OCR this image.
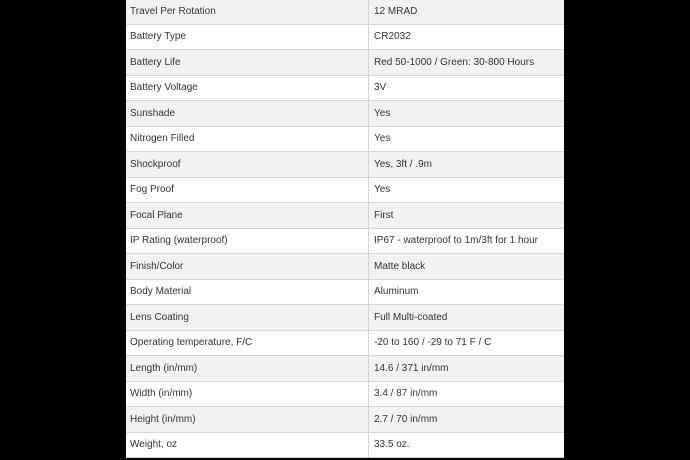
Travel Per Rotation	12 MRAD
Battery Type	CR2032
Battery Life	Red 50-1000 / Green: 30-800 Hours
Battery Voltage	3V
Sunshade	Yes
Nitrogen Filled	Yes
Shockproof	Yes, 3ft / .9m
Fog Proof	Yes
Focal Plane	First
IP Rating (waterproof)	IP67 - waterproof to 1m/3ft for 1 hour
Finish/Color	Matte black
Body Material	Aluminum
Lens Coating	Full Multi-coated
Operating temperature, F/C	-20 to 160 / -29 to 71 F / C
Length (in/mm)	14.6 / 371 in/mm
Width (in/mm)	3.4 / 87 in/mm
Height (in/mm)	2.7 / 70 in/mm
Weight, oz	33.5 oz.
